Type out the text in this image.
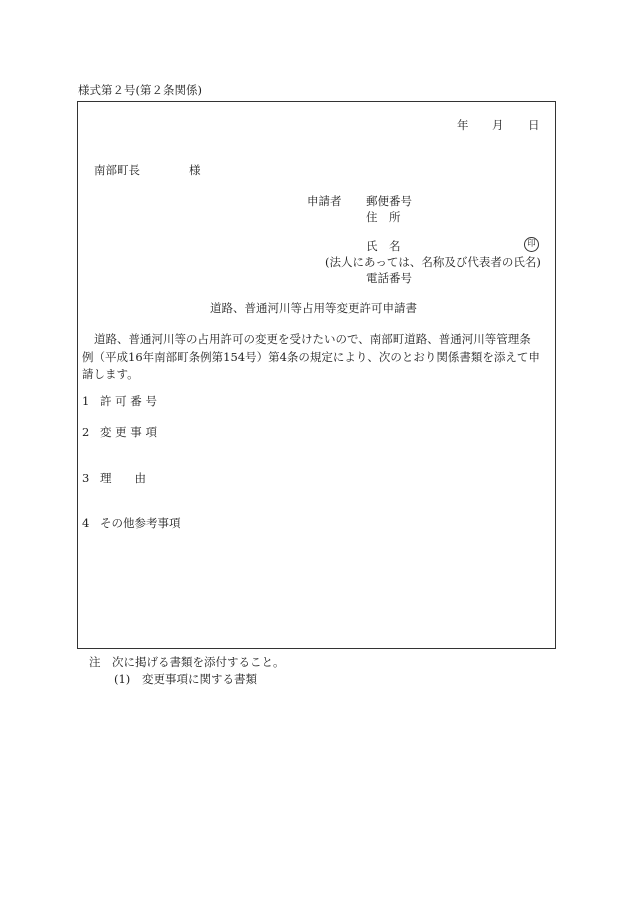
様式第２号(第２条関係)
年 月 日
南部町長	様
申請者 郵便番号
住　所
氏　名	印
(法人にあっては、名称及び代表者の氏名)
電話番号
道路、普通河川等占用等変更許可申請書
道路、普通河川等の占用許可の変更を受けたいので、南部町道路、普通河川等管理条
例（平成16年南部町条例第154号）第4条の規定により、次のとおり関係書類を添えて申
請します。
1 許 可 番 号
2 変 更 事 項
3 理　　由
4 その他参考事項
注 次に掲げる書類を添付すること。
(1) 変更事項に関する書類
